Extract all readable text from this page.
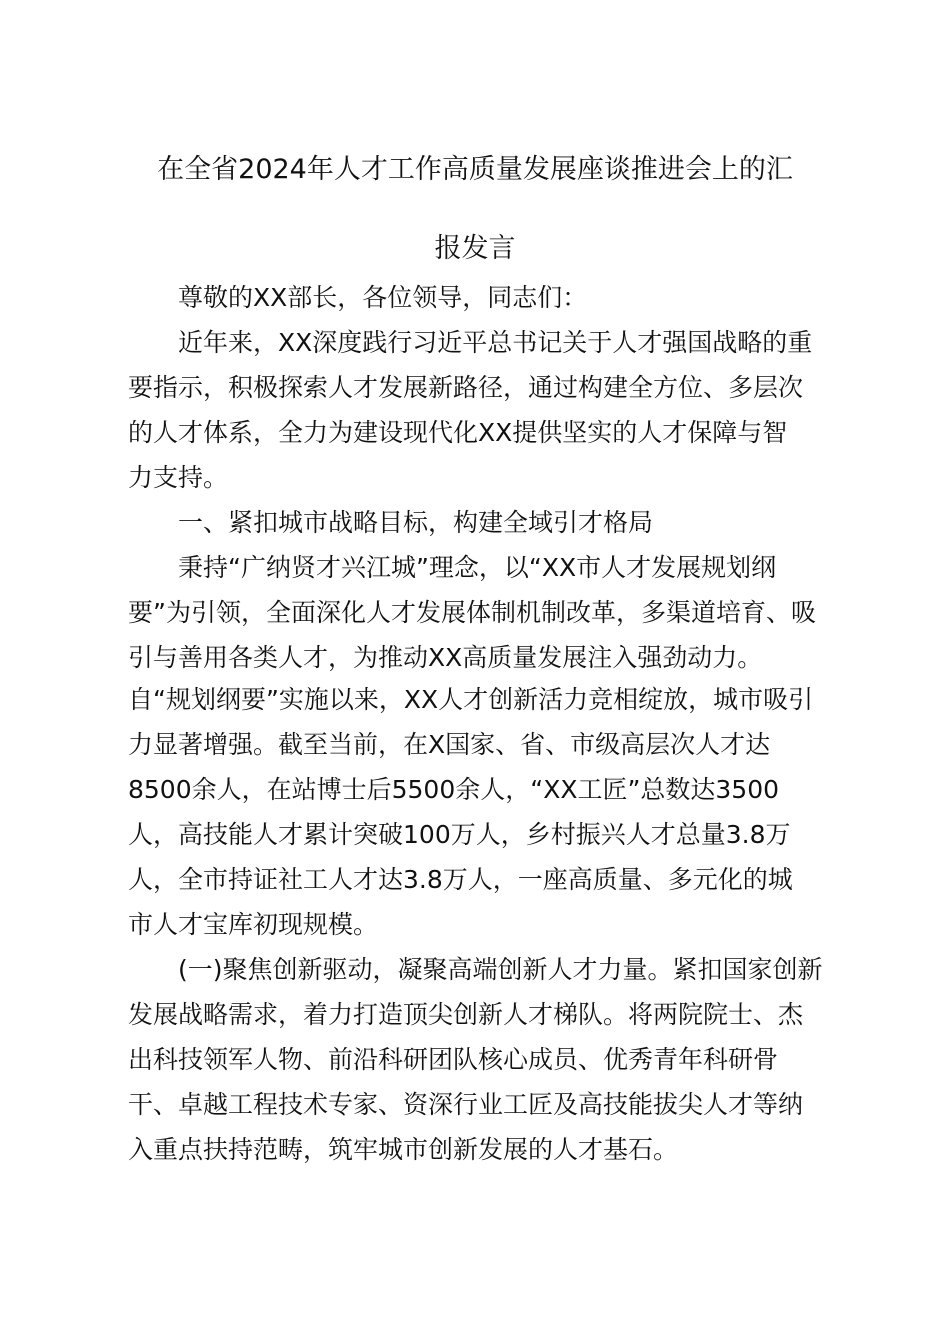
在全省2024年人才工作高质量发展座谈推进会上的汇
报发言
尊敬的XX部长，各位领导，同志们：
近年来，XX深度践行习近平总书记关于人才强国战略的重
要指示，积极探索人才发展新路径，通过构建全方位、多层次
的人才体系，全力为建设现代化XX提供坚实的人才保障与智
力支持。
一、紧扣城市战略目标，构建全域引才格局
秉持“广纳贤才兴江城”理念，以“XX市人才发展规划纲
要”为引领，全面深化人才发展体制机制改革，多渠道培育、吸
引与善用各类人才，为推动XX高质量发展注入强劲动力。
自“规划纲要”实施以来，XX人才创新活力竞相绽放，城市吸引
力显著增强。截至当前，在X国家、省、市级高层次人才达
8500余人，在站博士后5500余人，“XX工匠”总数达3500
人，高技能人才累计突破100万人，乡村振兴人才总量3.8万
人，全市持证社工人才达3.8万人，一座高质量、多元化的城
市人才宝库初现规模。
(一)聚焦创新驱动，凝聚高端创新人才力量。紧扣国家创新
发展战略需求，着力打造顶尖创新人才梯队。将两院院士、杰
出科技领军人物、前沿科研团队核心成员、优秀青年科研骨
干、卓越工程技术专家、资深行业工匠及高技能拔尖人才等纳
入重点扶持范畴，筑牢城市创新发展的人才基石。
